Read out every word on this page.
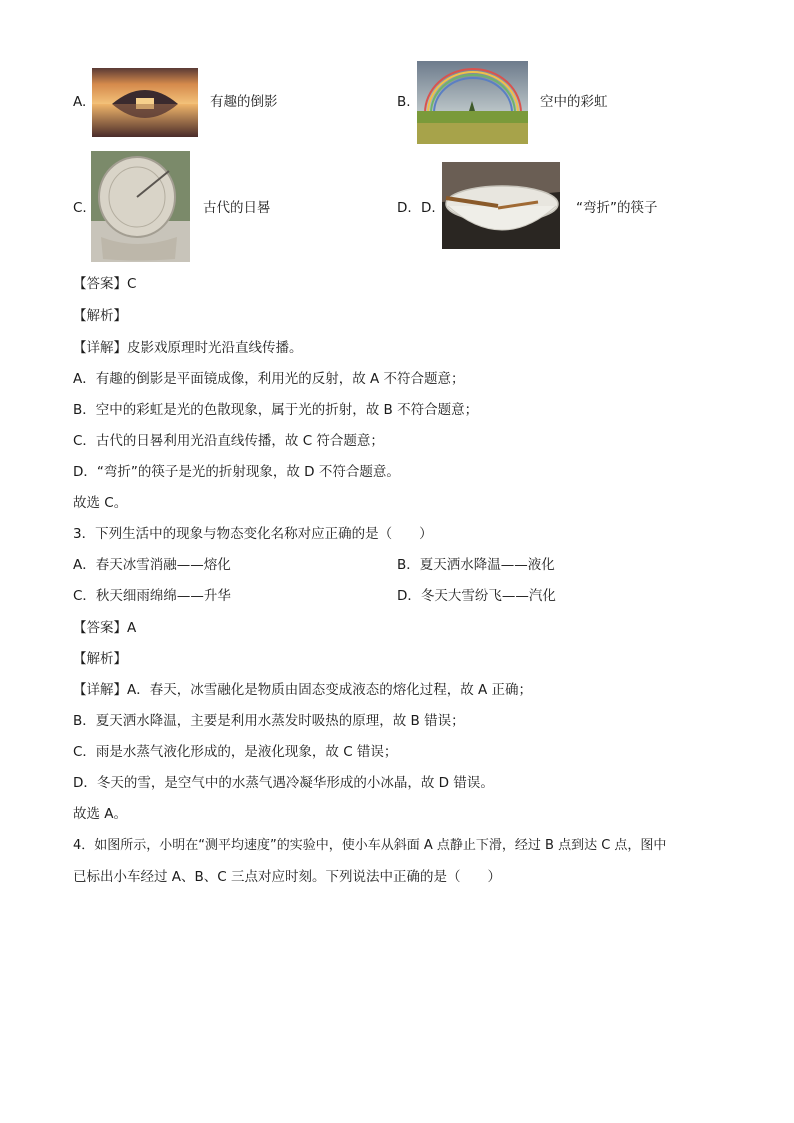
A.	有趣的倒影	B.	空中的彩虹
C.	古代的日晷	D. D.	“弯折”的筷子
【答案】C
【解析】
【详解】皮影戏原理时光沿直线传播。
A．有趣的倒影是平面镜成像，利用光的反射，故 A 不符合题意；
B．空中的彩虹是光的色散现象，属于光的折射，故 B 不符合题意；
C．古代的日晷利用光沿直线传播，故 C 符合题意；
D．“弯折”的筷子是光的折射现象，故 D 不符合题意。
故选 C。
3．下列生活中的现象与物态变化名称对应正确的是（　　）
A．春天冰雪消融——熔化	B．夏天洒水降温——液化
C．秋天细雨绵绵——升华	D．冬天大雪纷飞——汽化
【答案】A
【解析】
【详解】A．春天，冰雪融化是物质由固态变成液态的熔化过程，故 A 正确；
B．夏天洒水降温，主要是利用水蒸发时吸热的原理，故 B 错误；
C．雨是水蒸气液化形成的，是液化现象，故 C 错误；
D．冬天的雪，是空气中的水蒸气遇冷凝华形成的小冰晶，故 D 错误。
故选 A。
4．如图所示，小明在“测平均速度”的实验中，使小车从斜面 A 点静止下滑，经过 B 点到达 C 点，图中
已标出小车经过 A、B、C 三点对应时刻。下列说法中正确的是（　　）
